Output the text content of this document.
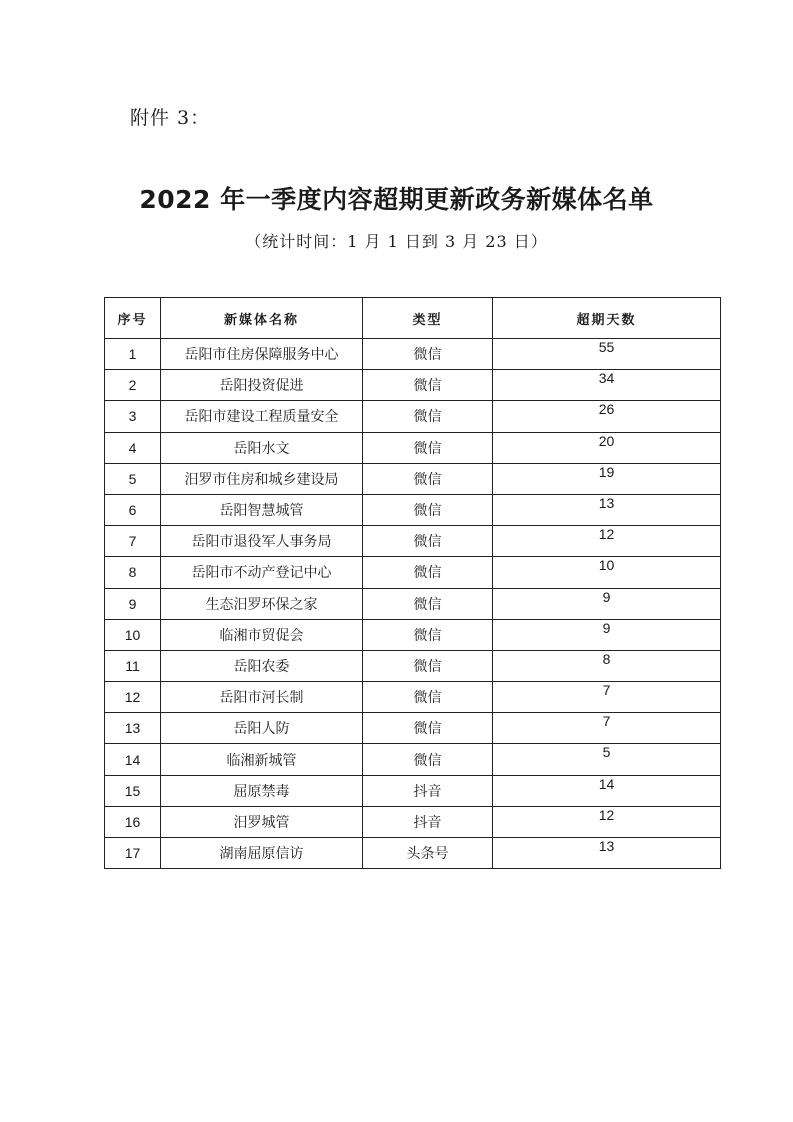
附件 3：
2022 年一季度内容超期更新政务新媒体名单
（统计时间：1 月 1 日到 3 月 23 日）
序号	新媒体名称	类型	超期天数
1	岳阳市住房保障服务中心	微信	55
2	岳阳投资促进	微信	34
3	岳阳市建设工程质量安全	微信	26
4	岳阳水文	微信	20
5	汨罗市住房和城乡建设局	微信	19
6	岳阳智慧城管	微信	13
7	岳阳市退役军人事务局	微信	12
8	岳阳市不动产登记中心	微信	10
9	生态汨罗环保之家	微信	9
10	临湘市贸促会	微信	9
11	岳阳农委	微信	8
12	岳阳市河长制	微信	7
13	岳阳人防	微信	7
14	临湘新城管	微信	5
15	屈原禁毒	抖音	14
16	汨罗城管	抖音	12
17	湖南屈原信访	头条号	13
